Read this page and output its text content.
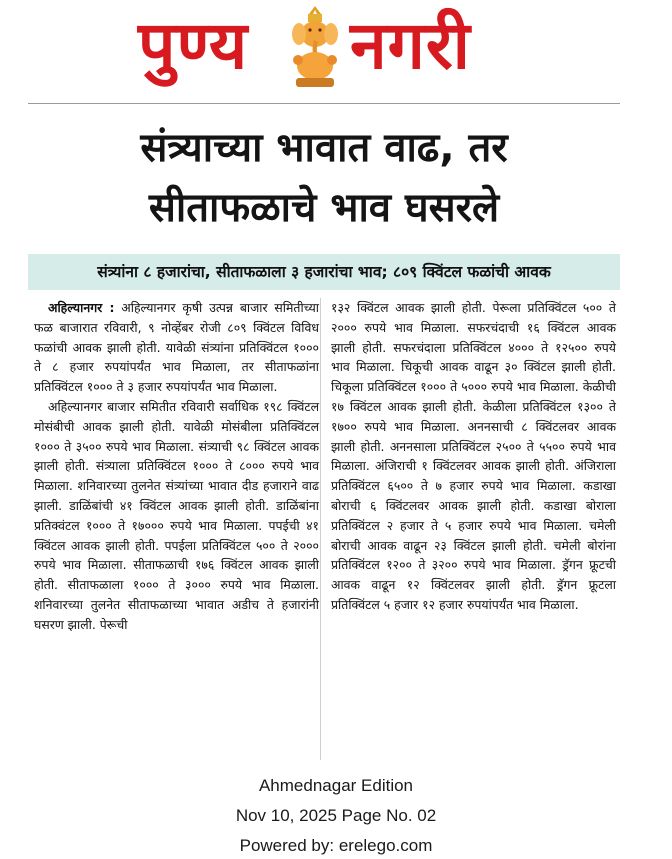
पुण्य नगरी
संत्र्याच्या भावात वाढ, तर
सीताफळाचे भाव घसरले
संत्र्यांना ८ हजारांचा, सीताफळाला ३ हजारांचा भाव; ८०९ क्विंटल फळांची आवक

अहिल्यानगर : अहिल्यानगर कृषी उत्पन्न बाजार समितीच्या फळ बाजारात रविवारी, ९ नोव्हेंबर रोजी ८०९ क्विंटल विविध फळांची आवक झाली होती. यावेळी संत्र्यांना प्रतिक्विंटल १००० ते ८ हजार रुपयांपर्यंत भाव मिळाला, तर सीताफळांना प्रतिक्विंटल १००० ते ३ हजार रुपयांपर्यंत भाव मिळाला.

अहिल्यानगर बाजार समितीत रविवारी सर्वाधिक १९८ क्विंटल मोसंबीची आवक झाली होती. यावेळी मोसंबीला प्रतिक्विंटल १००० ते ३५०० रुपये भाव मिळाला. संत्र्याची ९८ क्विंटल आवक झाली होती. संत्र्याला प्रतिक्विंटल १००० ते ८००० रुपये भाव मिळाला. शनिवारच्या तुलनेत संत्र्यांच्या भावात दीड हजाराने वाढ झाली. डाळिंबांची ४१ क्विंटल आवक झाली होती. डाळिंबांना प्रतिक्वंटल १००० ते १७००० रुपये भाव मिळाला. पपईची ४१ क्विंटल आवक झाली होती. पपईला प्रतिक्विंटल ५०० ते २००० रुपये भाव मिळाला. सीताफळाची १७६ क्विंटल आवक झाली होती. सीताफळाला १००० ते ३००० रुपये भाव मिळाला. शनिवारच्या तुलनेत सीताफळाच्या भावात अडीच ते हजारांनी घसरण झाली. पेरूची

१३२ क्विंटल आवक झाली होती. पेरूला प्रतिक्विंटल ५०० ते २००० रुपये भाव मिळाला. सफरचंदाची १६ क्विंटल आवक झाली होती. सफरचंदाला प्रतिक्विंटल ४००० ते १२५०० रुपये भाव मिळाला. चिकूची आवक वाढून ३० क्विंटल झाली होती. चिकूला प्रतिक्विंटल १००० ते ५००० रुपये भाव मिळाला. केळीची १७ क्विंटल आवक झाली होती. केळीला प्रतिक्विंटल १३०० ते १७०० रुपये भाव मिळाला. अननसाची ८ क्विंटलवर आवक झाली होती. अननसाला प्रतिक्विंटल २५०० ते ५५०० रुपये भाव मिळाला. अंजिराची १ क्विंटलवर आवक झाली होती. अंजिराला प्रतिक्विंटल ६५०० ते ७ हजार रुपये भाव मिळाला. कडाखा बोराची ६ क्विंटलवर आवक झाली होती. कडाखा बोराला प्रतिक्विंटल २ हजार ते ५ हजार रुपये भाव मिळाला. चमेली बोराची आवक वाढून २३ क्विंटल झाली होती. चमेली बोरांना प्रतिक्विंटल १२०० ते ३२०० रुपये भाव मिळाला. ड्रॅगन फ्रूटची आवक वाढून १२ क्विंटलवर झाली होती. ड्रॅगन फ्रूटला प्रतिक्विंटल ५ हजार १२ हजार रुपयांपर्यंत भाव मिळाला.

Ahmednagar Edition
Nov 10, 2025 Page No. 02
Powered by: erelego.com
